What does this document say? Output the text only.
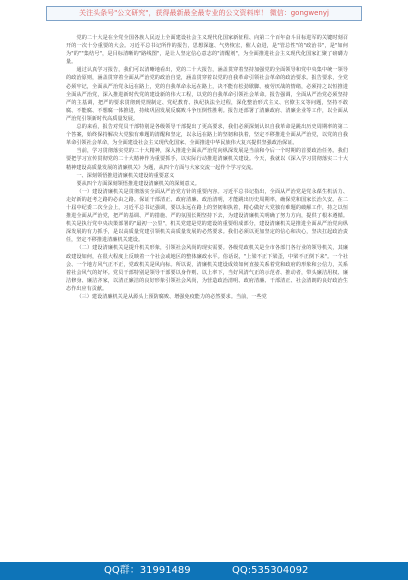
关注头条号"公文研究"，获得最新最全最专业的公文资料库！ 微信：gongwenyj

党的二十大是在全党全国各族人民迈上全面建设社会主义现代化国家新征程、向第二个百年奋斗目标进军的关键时刻召开的一次十分重要的大会。习近平总书记所作的报告，思想深邃、气势恢宏，催人奋进，是"管总性"的"政治书"，是"如何为"的""集结号"，是目标清晰的"路线图"，是让人坚定信心意志的"清醒剂"，为全面推进社会主义现代化国家汇聚了磅礴力量。

通过认真学习报告，我们可以清晰地看出，党的二十大报告，涵盖贯穿着坚持加强党的全面领导和党中央集中统一领导的政治原则，涵盖贯穿着全面从严治党的政治自觉，涵盖贯穿着以党的自我革命引领社会革命的政治要求。报告要求，全党必须牢记，全面从严治党永远在路上，党的自我革命永远在路上，决不能有松劲歇脚、疲劳厌战的情绪，必须持之以恒推进全面从严治党，深入推进新时代党的建设新的伟大工程，以党的自我革命引领社会革命。报告强调，全面从严治党必须坚持严的主基调，把严的要求贯彻到党规制定、党纪教育、执纪执法全过程，深化整治形式主义、官僚主义等问题，坚持不敢腐、不能腐、不想腐一体推进，持续巩固发展反腐败斗争压倒性胜利。报告还部署了清廉政府、清廉企业等工作，以全面从严治党引领新时代高质量发展。

总的来看，报告对党员干部特别是各级领导干部提出了更高要求，我们必须深刻认识自我革命是跳出历史周期率的第二个答案，始终保持解决大党独有难题的清醒和坚定，以永远在路上的坚韧和执着，坚定不移推进全面从严治党，以党的自我革命引领社会革命，为全面建设社会主义现代化国家、全面推进中华民族伟大复兴提供坚强政治保证。

当前，学习贯彻落实党的二十大精神，深入推进全面从严治党向纵深发展是当前和今后一个时期的首要政治任务。我们要把学习宣传贯彻党的二十大精神作为重要抓手，以实际行动推进清廉机关建设。今天，我就以《深入学习贯彻落实二十大精神建设高质量发展的清廉机关》为题，从四个方面与大家交流一起作个学习交流。

一、深刻领悟推进清廉机关建设的重要意义

要从四个方面深刻领悟推进建设清廉机关的深刻意义。

（一）建设清廉机关是贯彻落实全面从严治党方针的重要内容。习近平总书记指出，全面从严治党是党永葆生机活力、走好新的赶考之路的必由之路。保证干部清正、政府清廉、政治清明，才能跳出历史周期率，确保党和国家长治久安。在二十届中纪委二次全会上，习近平总书记强调，要以永远在路上的坚韧和执着，精心做好大党独有难题的破解工作，持之以恒推进全面从严治党，把严的基调、严的措施、严的氛围长期坚持下去，为建设清廉机关明确了努力方向，提供了根本遵循。机关是执行党中央决策部署的"最初一公里"，机关党建是党的建设的重要组成部分，建设清廉机关是推进全面从严治党向纵深发展的有力抓手，是以高质量党建引领机关高质量发展的必然要求。我们必须以更加坚定的信心和决心，坚决扛起政治责任，坚定不移推进清廉机关建设。

（二）建设清廉机关是提升机关形象，引领社会风尚的现实需要。各级党政机关是全市各部门各行业的领导机关，其廉政建设如何，在很大程度上反映着一个社会或地区的整体廉政水平。俗话说，"上梁不正下梁歪，中梁不正倒下来"。一个社会、一个地方风气正不正，党政机关是风向标。所以说，清廉机关建设成效如何直接关系着党和政府的形象和公信力，关系着社会风气的好坏。党员干部特别是领导干部要以身作则、以上率下，当好风清气正的示范者、推动者，带头廉洁用权、廉洁修身、廉洁齐家，以清正廉洁的良好形象引领社会风尚，为营造政治清明、政府清廉、干部清正、社会清朗的良好政治生态作出应有贡献。

（三）建设清廉机关是从源头上预防腐败、增强免疫能力的必然要求。当前，一些党

QQ群：31991489	QQ:535304092
